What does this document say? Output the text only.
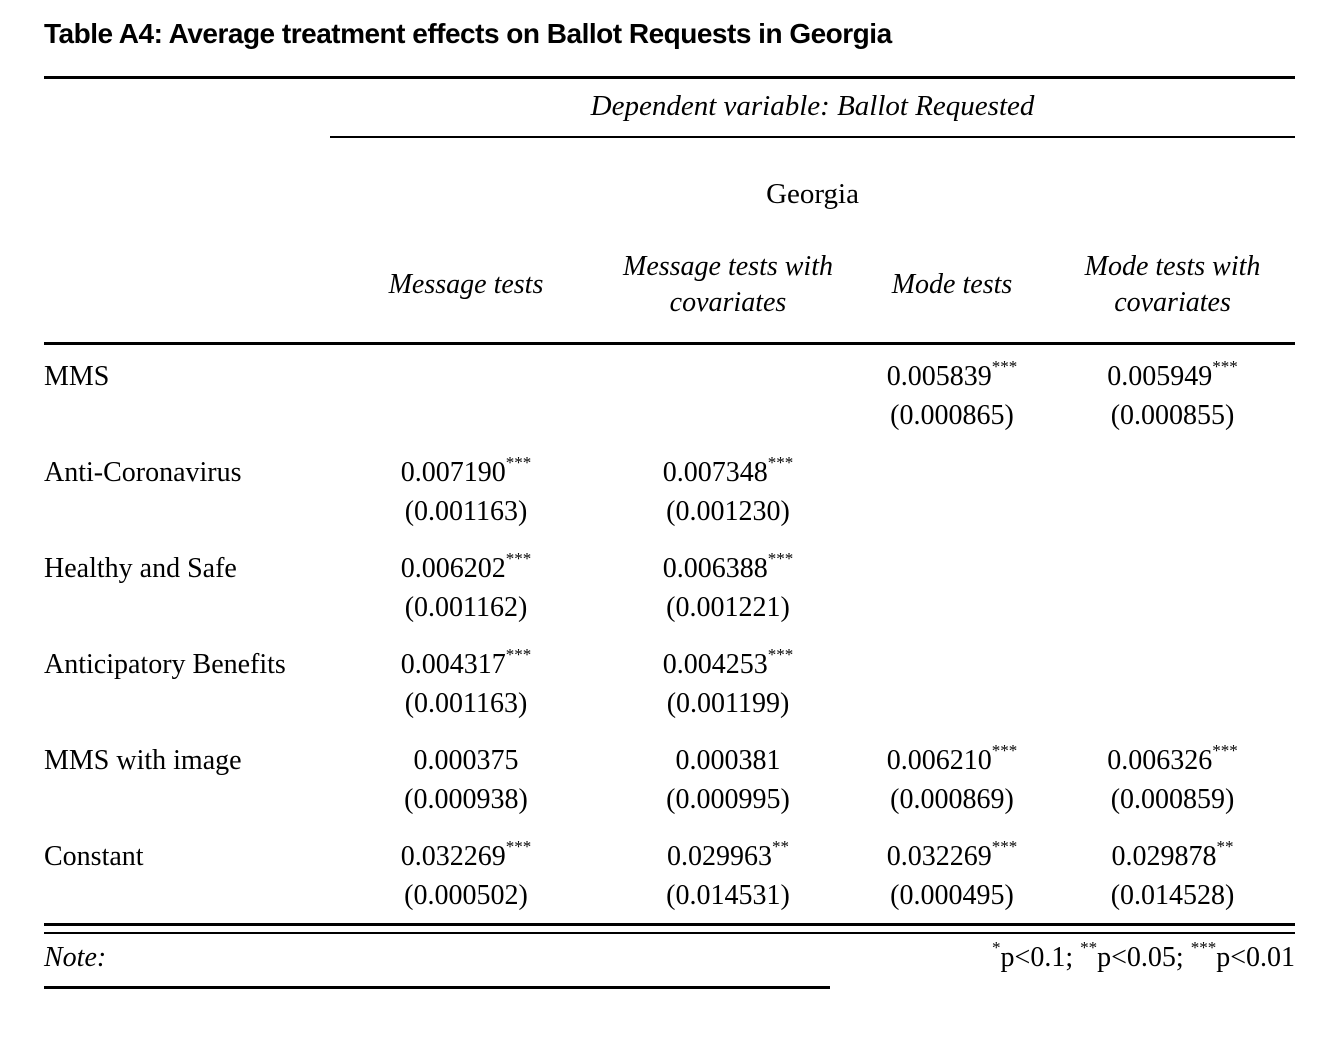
Table A4: Average treatment effects on Ballot Requests in Georgia
	Dependent variable: Ballot Requested			
	Georgia			
	Message tests	Message tests with covariates	Mode tests	Mode tests with covariates
MMS			0.005839***	0.005949***
			(0.000865)	(0.000855)
Anti-Coronavirus	0.007190***	0.007348***		
	(0.001163)	(0.001230)		
Healthy and Safe	0.006202***	0.006388***		
	(0.001162)	(0.001221)		
Anticipatory Benefits	0.004317***	0.004253***		
	(0.001163)	(0.001199)		
MMS with image	0.000375	0.000381	0.006210***	0.006326***
	(0.000938)	(0.000995)	(0.000869)	(0.000859)
Constant	0.032269***	0.029963**	0.032269***	0.029878**
	(0.000502)	(0.014531)	(0.000495)	(0.014528)
Note:	*p<0.1; **p<0.05; ***p<0.01
